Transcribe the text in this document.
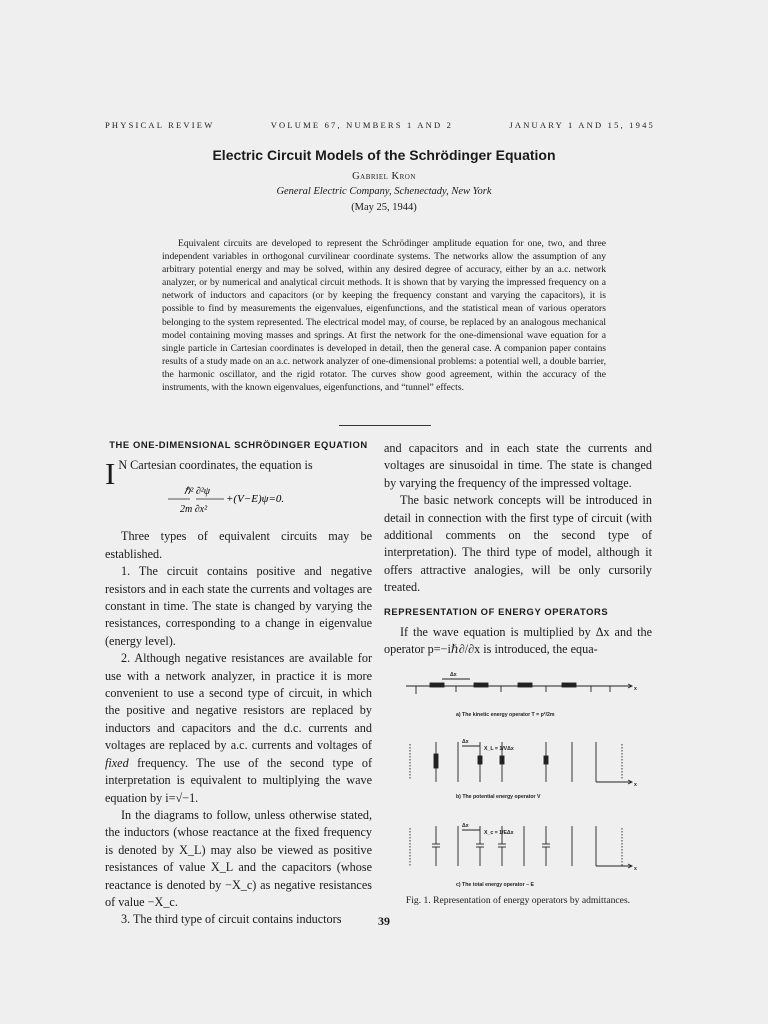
PHYSICAL REVIEW	VOLUME 67, NUMBERS 1 AND 2	JANUARY 1 AND 15, 1945
Electric Circuit Models of the Schrödinger Equation
Gabriel Kron
General Electric Company, Schenectady, New York
(May 25, 1944)

Equivalent circuits are developed to represent the Schrödinger amplitude equation for one, two, and three independent variables in orthogonal curvilinear coordinate systems. The networks allow the assumption of any arbitrary potential energy and may be solved, within any desired degree of accuracy, either by an a.c. network analyzer, or by numerical and analytical circuit methods. It is shown that by varying the impressed frequency on a network of inductors and capacitors (or by keeping the frequency constant and varying the capacitors), it is possible to find by measurements the eigenvalues, eigenfunctions, and the statistical mean of various operators belonging to the system represented. The electrical model may, of course, be replaced by an analogous mechanical model containing moving masses and springs. At first the network for the one-dimensional wave equation for a single particle in Cartesian coordinates is developed in detail, then the general case. A companion paper contains results of a study made on an a.c. network analyzer of one-dimensional problems: a potential well, a double barrier, the harmonic oscillator, and the rigid rotator. The curves show good agreement, within the accuracy of the instruments, with the known eigenvalues, eigenfunctions, and “tunnel” effects.

THE ONE-DIMENSIONAL SCHRÖDINGER EQUATION

I N Cartesian coordinates, the equation is

ℏ² ∂²ψ
+(V−E)ψ=0.
2m ∂x²

Three types of equivalent circuits may be established.

1. The circuit contains positive and negative resistors and in each state the currents and voltages are constant in time. The state is changed by varying the resistances, corresponding to a change in eigenvalue (energy level).

2. Although negative resistances are available for use with a network analyzer, in practice it is more convenient to use a second type of circuit, in which the positive and negative resistors are replaced by inductors and capacitors and the d.c. currents and voltages are replaced by a.c. currents and voltages of fixed frequency. The use of the second type of interpretation is equivalent to multiplying the wave equation by i=√−1.

In the diagrams to follow, unless otherwise stated, the inductors (whose reactance at the fixed frequency is denoted by X_L) may also be viewed as positive resistances of value X_L and the capacitors (whose reactance is denoted by −X_c) as negative resistances of value −X_c.

3. The third type of circuit contains inductors

and capacitors and in each state the currents and voltages are sinusoidal in time. The state is changed by varying the frequency of the impressed voltage.

The basic network concepts will be introduced in detail in connection with the first type of circuit (with additional comments on the second type of interpretation). The third type of model, although it offers attractive analogies, will be only cursorily treated.

REPRESENTATION OF ENERGY OPERATORS

If the wave equation is multiplied by Δx and the operator p=−iℏ∂/∂x is introduced, the equa-

Δx
x
a) The kinetic energy operator T = p²/2m
Δx
x
X_L = 1/VΔx
b) The potential energy operator V
Δx
x
X_c = 1/EΔx
c) The total energy operator − E
Fig. 1. Representation of energy operators by admittances.
39
